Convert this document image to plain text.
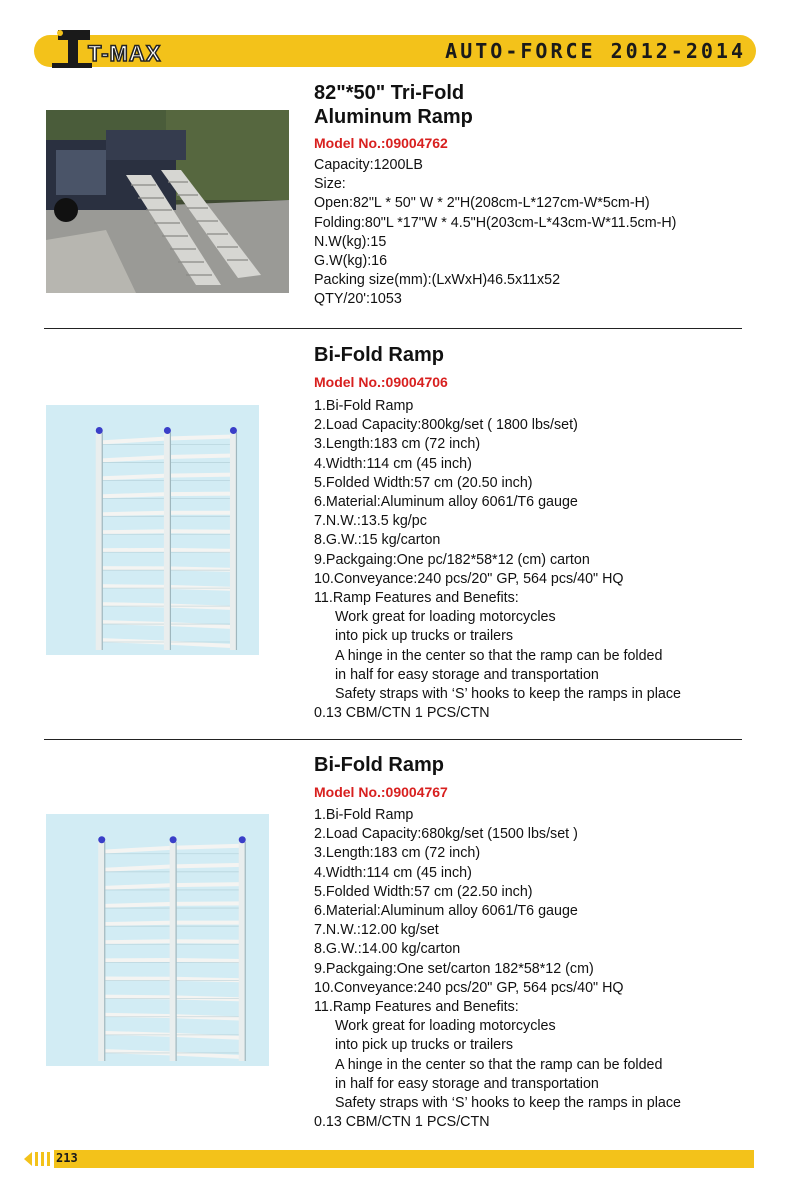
T-MAX	AUTO-FORCE 2012-2014
82"*50" Tri-Fold
Aluminum Ramp
Model No.:09004762
Capacity:1200LB
Size:
Open:82"L * 50" W * 2"H(208cm-L*127cm-W*5cm-H)
Folding:80"L *17"W * 4.5"H(203cm-L*43cm-W*11.5cm-H)
N.W(kg):15
G.W(kg):16
Packing size(mm):(LxWxH)46.5x11x52
QTY/20':1053
Bi-Fold Ramp
Model No.:09004706
1.Bi-Fold Ramp
2.Load Capacity:800kg/set ( 1800 lbs/set)
3.Length:183 cm (72 inch)
4.Width:114 cm (45 inch)
5.Folded Width:57 cm (20.50 inch)
6.Material:Aluminum alloy 6061/T6 gauge
7.N.W.:13.5 kg/pc
8.G.W.:15 kg/carton
9.Packgaing:One pc/182*58*12 (cm) carton
10.Conveyance:240 pcs/20" GP, 564 pcs/40" HQ
11.Ramp Features and Benefits:
Work great for loading motorcycles
into pick up trucks or trailers
A hinge in the center so that the ramp can be folded
in half for easy storage and transportation
Safety straps with ‘S’ hooks to keep the ramps in place
0.13 CBM/CTN 1 PCS/CTN
Bi-Fold Ramp
Model No.:09004767
1.Bi-Fold Ramp
2.Load Capacity:680kg/set (1500 lbs/set )
3.Length:183 cm (72 inch)
4.Width:114 cm (45 inch)
5.Folded Width:57 cm (22.50 inch)
6.Material:Aluminum alloy 6061/T6 gauge
7.N.W.:12.00 kg/set
8.G.W.:14.00 kg/carton
9.Packgaing:One set/carton 182*58*12 (cm)
10.Conveyance:240 pcs/20" GP, 564 pcs/40" HQ
11.Ramp Features and Benefits:
Work great for loading motorcycles
into pick up trucks or trailers
A hinge in the center so that the ramp can be folded
in half for easy storage and transportation
Safety straps with ‘S’ hooks to keep the ramps in place
0.13 CBM/CTN 1 PCS/CTN
213
